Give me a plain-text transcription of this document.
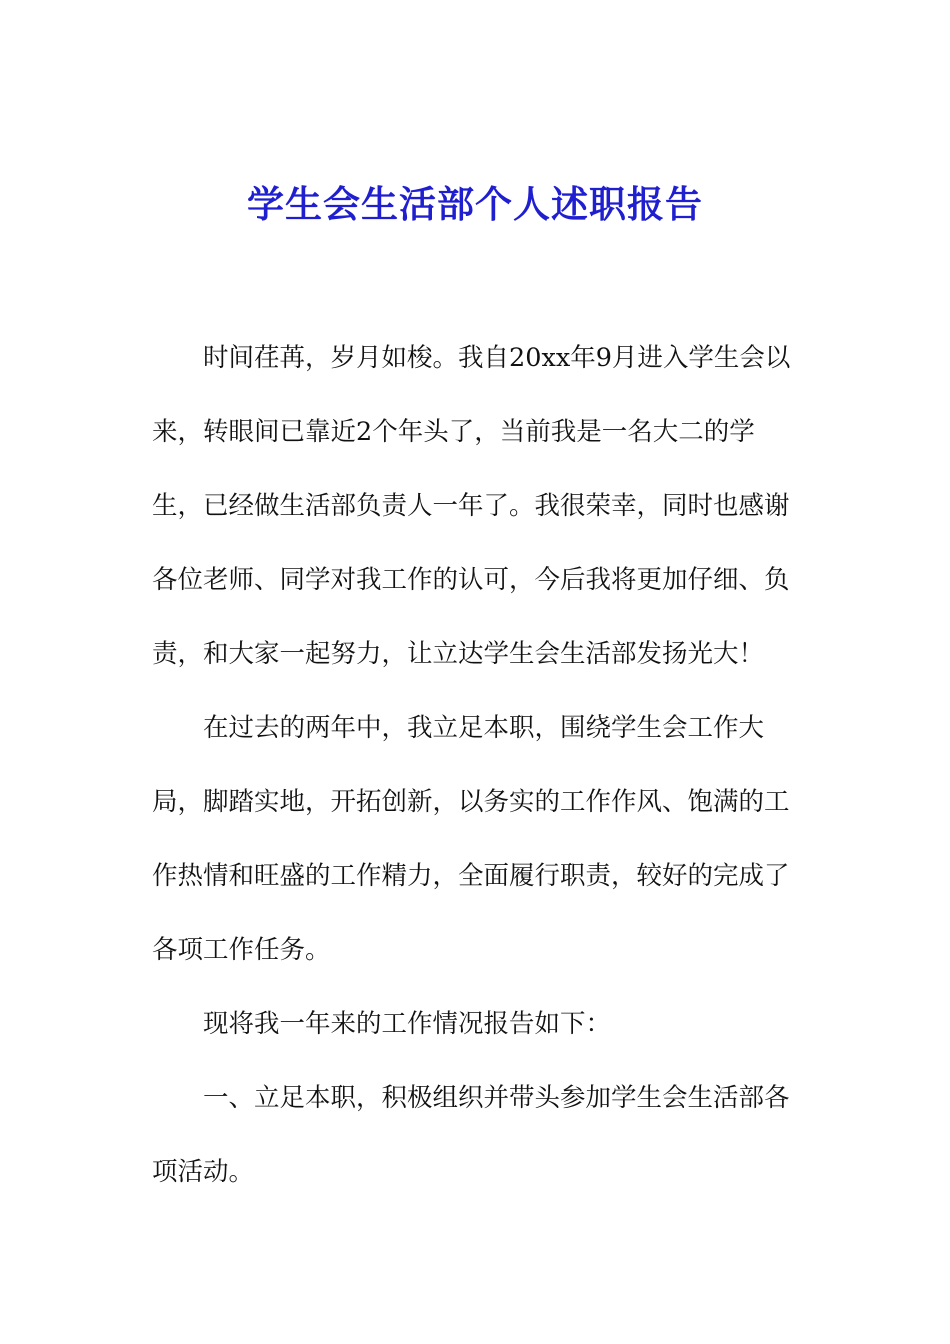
学生会生活部个人述职报告

时间荏苒，岁月如梭。我自20xx年9月进入学生会以来，转眼间已靠近2个年头了，当前我是一名大二的学生，已经做生活部负责人一年了。我很荣幸，同时也感谢各位老师、同学对我工作的认可，今后我将更加仔细、负责，和大家一起努力，让立达学生会生活部发扬光大！

在过去的两年中，我立足本职，围绕学生会工作大局，脚踏实地，开拓创新，以务实的工作作风、饱满的工作热情和旺盛的工作精力，全面履行职责，较好的完成了各项工作任务。

现将我一年来的工作情况报告如下：

一、立足本职，积极组织并带头参加学生会生活部各项活动。
